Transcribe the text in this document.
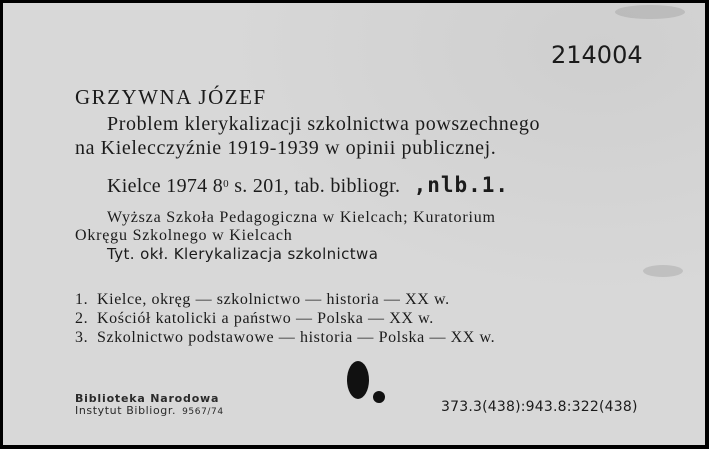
214004
GRZYWNA JÓZEF
Problem klerykalizacji szkolnictwa powszechnego
na Kielecczyźnie 1919-1939 w opinii publicznej.
Kielce 1974 $8^0$ s. 201, tab. bibliogr. ,nlb.1.
Wyższa Szkoła Pedagogiczna w Kielcach; Kuratorium
Okręgu Szkolnego w Kielcach
Tyt. okł. Klerykalizacja szkolnictwa
1. Kielce, okręg — szkolnictwo — historia — XX w.
2. Kościół katolicki a państwo — Polska — XX w.
3. Szkolnictwo podstawowe — historia — Polska — XX w.
Biblioteka Narodowa
Instytut Bibliogr. 9567/74	373.3(438):943.8:322(438)
